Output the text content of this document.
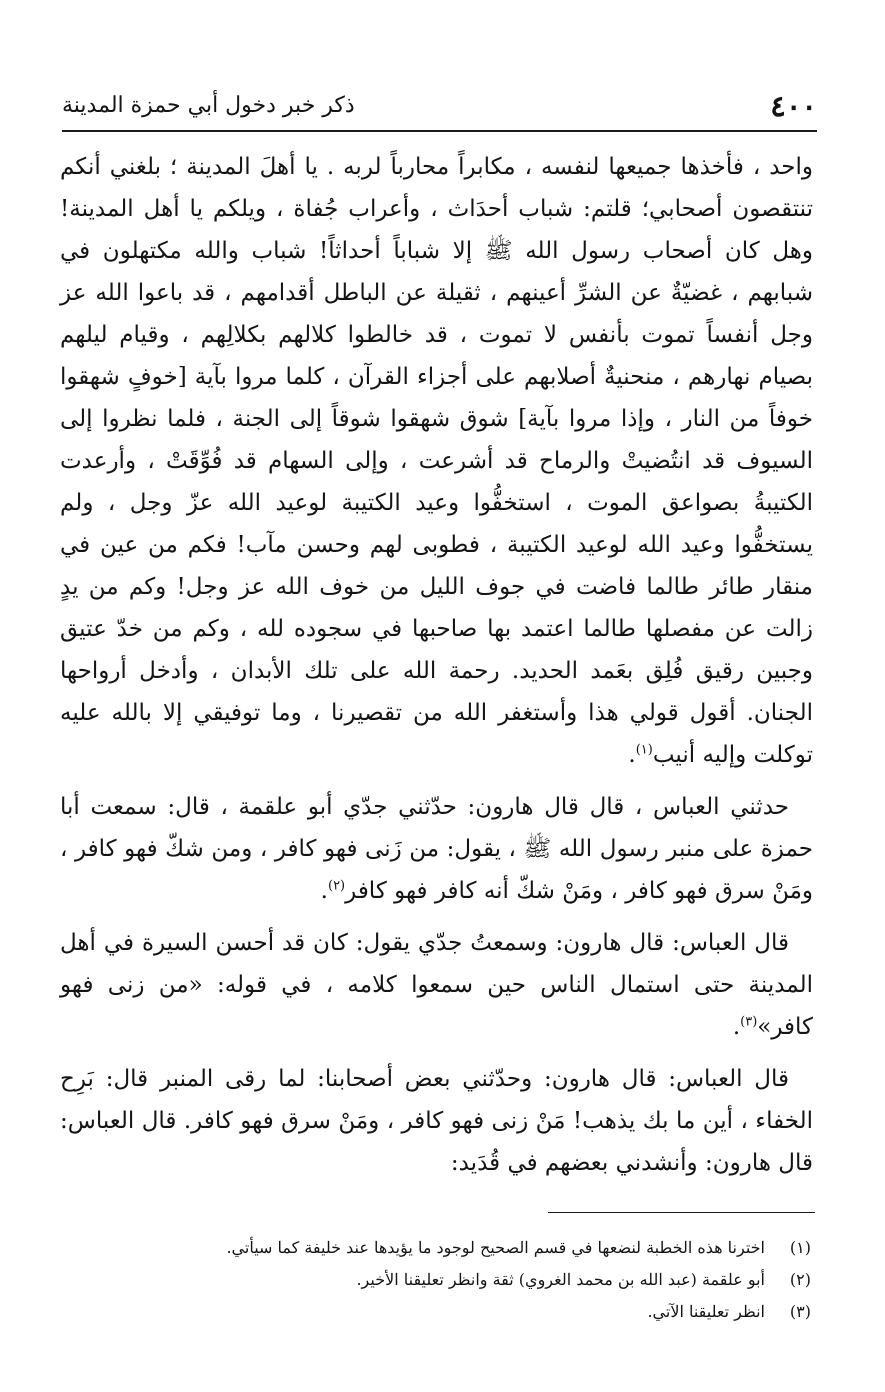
٤٠٠
ذكر خبر دخول أبي حمزة المدينة

واحد ، فأخذها جميعها لنفسه ، مكابراً محارباً لربه . يا أهلَ المدينة ؛ بلغني أنكم تنتقصون أصحابي؛ قلتم: شباب أحدَاث ، وأعراب جُفاة ، ويلكم يا أهل المدينة! وهل كان أصحاب رسول الله ﷺ إلا شباباً أحداثاً! شباب والله مكتهلون في شبابهم ، غضيّةٌ عن الشرِّ أعينهم ، ثقيلة عن الباطل أقدامهم ، قد باعوا الله عز وجل أنفساً تموت بأنفس لا تموت ، قد خالطوا كلالهم بكلالِهم ، وقيام ليلهم بصيام نهارهم ، منحنيةٌ أصلابهم على أجزاء القرآن ، كلما مروا بآية [خوفٍ شهقوا خوفاً من النار ، وإذا مروا بآية] شوق شهقوا شوقاً إلى الجنة ، فلما نظروا إلى السيوف قد انتُضيتْ والرماح قد أشرعت ، وإلى السهام قد فُوِّقَتْ ، وأرعدت الكتيبةُ بصواعق الموت ، استخفُّوا وعيد الكتيبة لوعيد الله عزّ وجل ، ولم يستخفُّوا وعيد الله لوعيد الكتيبة ، فطوبى لهم وحسن مآب! فكم من عين في منقار طائر طالما فاضت في جوف الليل من خوف الله عز وجل! وكم من يدٍ زالت عن مفصلها طالما اعتمد بها صاحبها في سجوده لله ، وكم من خدّ عتيق وجبين رقيق فُلِق بعَمد الحديد. رحمة الله على تلك الأبدان ، وأدخل أرواحها الجنان. أقول قولي هذا وأستغفر الله من تقصيرنا ، وما توفيقي إلا بالله عليه توكلت وإليه أنيب$^{(١)}$.

حدثني العباس ، قال قال هارون: حدّثني جدّي أبو علقمة ، قال: سمعت أبا حمزة على منبر رسول الله ﷺ ، يقول: من زَنى فهو كافر ، ومن شكّ فهو كافر ، ومَنْ سرق فهو كافر ، ومَنْ شكّ أنه كافر فهو كافر$^{(٢)}$.

قال العباس: قال هارون: وسمعتُ جدّي يقول: كان قد أحسن السيرة في أهل المدينة حتى استمال الناس حين سمعوا كلامه ، في قوله: «من زنى فهو كافر»$^{(٣)}$.

قال العباس: قال هارون: وحدّثني بعض أصحابنا: لما رقى المنبر قال: بَرِح الخفاء ، أين ما بك يذهب! مَنْ زنى فهو كافر ، ومَنْ سرق فهو كافر. قال العباس: قال هارون: وأنشدني بعضهم في قُدَيد:

(١)
اخترنا هذه الخطبة لنضعها في قسم الصحيح لوجود ما يؤيدها عند خليفة كما سيأتي.
(٢)
أبو علقمة (عبد الله بن محمد الغروي) ثقة وانظر تعليقنا الأخير.
(٣)
انظر تعليقنا الآتي.
